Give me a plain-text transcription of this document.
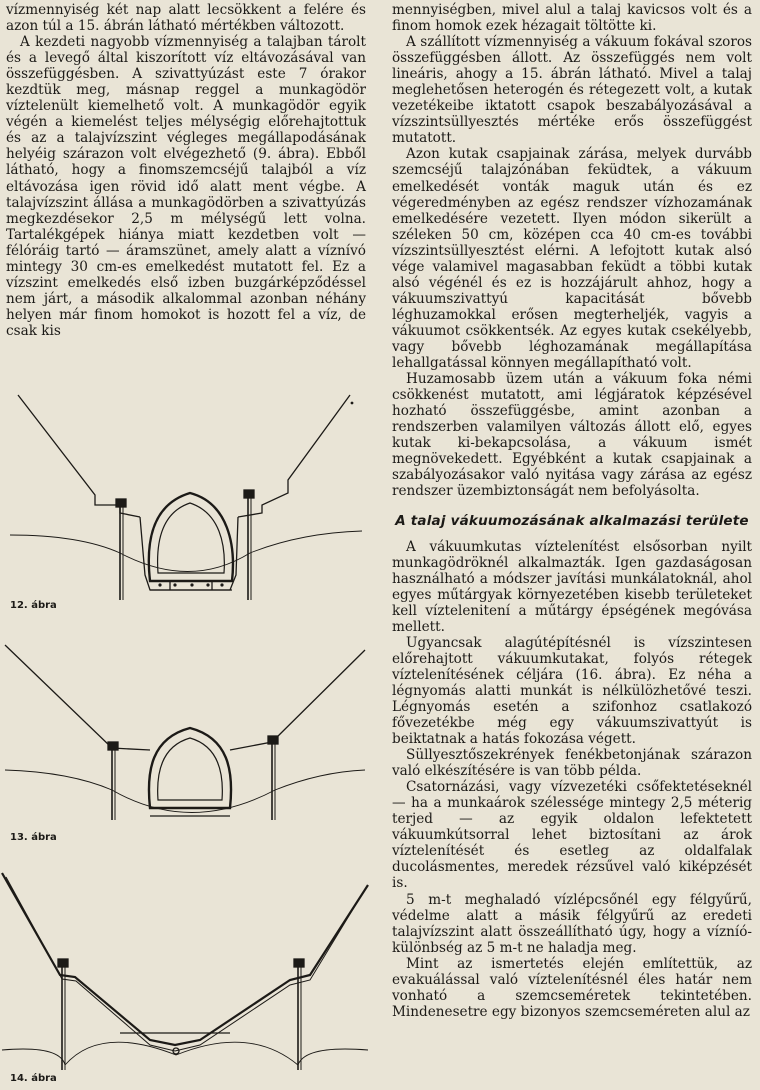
vízmennyiség két nap alatt lecsökkent a felére és azon túl a 15. ábrán látható mértékben változott.

A kezdeti nagyobb vízmennyiség a talajban tárolt és a levegő által kiszorított víz eltávozásával van összefüggésben. A szivattyúzást este 7 órakor kezdtük meg, másnap reggel a munkagödör víztelenült kiemelhető volt. A munkagödör egyik végén a kiemelést teljes mélységig előrehajtottuk és az a talajvízszint végleges megállapodásának helyéig szárazon volt elvégezhető (9. ábra). Ebből látható, hogy a finomszemcséjű talajból a víz eltávozása igen rövid idő alatt ment végbe. A talajvízszint állása a munkagödörben a szivattyúzás megkezdésekor 2,5 m mélységű lett volna. Tartalékgépek hiánya miatt kezdetben volt — félóráig tartó — áramszünet, amely alatt a víznívó mintegy 30 cm-es emelkedést mutatott fel. Ez a vízszint emelkedés első izben buzgárképződéssel nem járt, a második alkalommal azonban néhány helyen már finom homokot is hozott fel a víz, de csak kis

12. ábra
13. ábra
14. ábra

mennyiségben, mivel alul a talaj kavicsos volt és a finom homok ezek hézagait töltötte ki.

A szállított vízmennyiség a vákuum fokával szoros összefüggésben állott. Az összefüggés nem volt lineáris, ahogy a 15. ábrán látható. Mivel a talaj meglehetősen heterogén és rétegezett volt, a kutak vezetékeibe iktatott csapok beszabályozásával a vízszintsüllyesztés mértéke erős összefüggést mutatott.

Azon kutak csapjainak zárása, melyek durvább szemcséjű talajzónában feküdtek, a vákuum emelkedését vonták maguk után és ez végeredményben az egész rendszer vízhozamának emelkedésére vezetett. Ilyen módon sikerült a széleken 50 cm, középen cca 40 cm-es további vízszintsüllyesztést elérni. A lefojtott kutak alsó vége valamivel magasabban feküdt a többi kutak alsó végénél és ez is hozzájárult ahhoz, hogy a vákuumszivattyú kapacitását bővebb léghuzamokkal erősen megterheljék, vagyis a vákuumot csökkentsék. Az egyes kutak csekélyebb, vagy bővebb léghozamának megállapítása lehallgatással könnyen megállapítható volt.

Huzamosabb üzem után a vákuum foka némi csökkenést mutatott, ami légjáratok képzésével hozható összefüggésbe, amint azonban a rendszerben valamilyen változás állott elő, egyes kutak ki-bekapcsolása, a vákuum ismét megnövekedett. Egyébként a kutak csapjainak a szabályozásakor való nyitása vagy zárása az egész rendszer üzembiztonságát nem befolyásolta.

A talaj vákuumozásának alkalmazási területe

A vákuumkutas víztelenítést elsősorban nyilt munkagödröknél alkalmazták. Igen gazdaságosan használható a módszer javítási munkálatoknál, ahol egyes műtárgyak környezetében kisebb területeket kell víztelenitení a műtárgy épségének megóvása mellett.

Ugyancsak alagútépítésnél is vízszintesen előrehajtott vákuumkutakat, folyós rétegek víztelenítésének céljára (16. ábra). Ez néha a légnyomás alatti munkát is nélkülözhetővé teszi. Légnyomás esetén a szifonhoz csatlakozó fővezetékbe még egy vákuumszivattyút is beiktatnak a hatás fokozása végett.

Süllyesztőszekrények fenékbetonjának szárazon való elkészítésére is van több példa.

Csatornázási, vagy vízvezetéki csőfektetéseknél — ha a munkaárok szélessége mintegy 2,5 méterig terjed — az egyik oldalon lefektetett vákuumkútsorral lehet biztosítani az árok víztelenítését és esetleg az oldalfalak ducolásmentes, meredek rézsűvel való kiképzését is.

5 m-t meghaladó vízlépcsőnél egy félgyűrű, védelme alatt a másik félgyűrű az eredeti talajvízszint alatt összeállítható úgy, hogy a vízníó-különbség az 5 m-t ne haladja meg.

Mint az ismertetés elején említettük, az evakuálással való víztelenítésnél éles határ nem vonható a szemcseméretek tekintetében. Mindenesetre egy bizonyos szemcseméreten alul az
